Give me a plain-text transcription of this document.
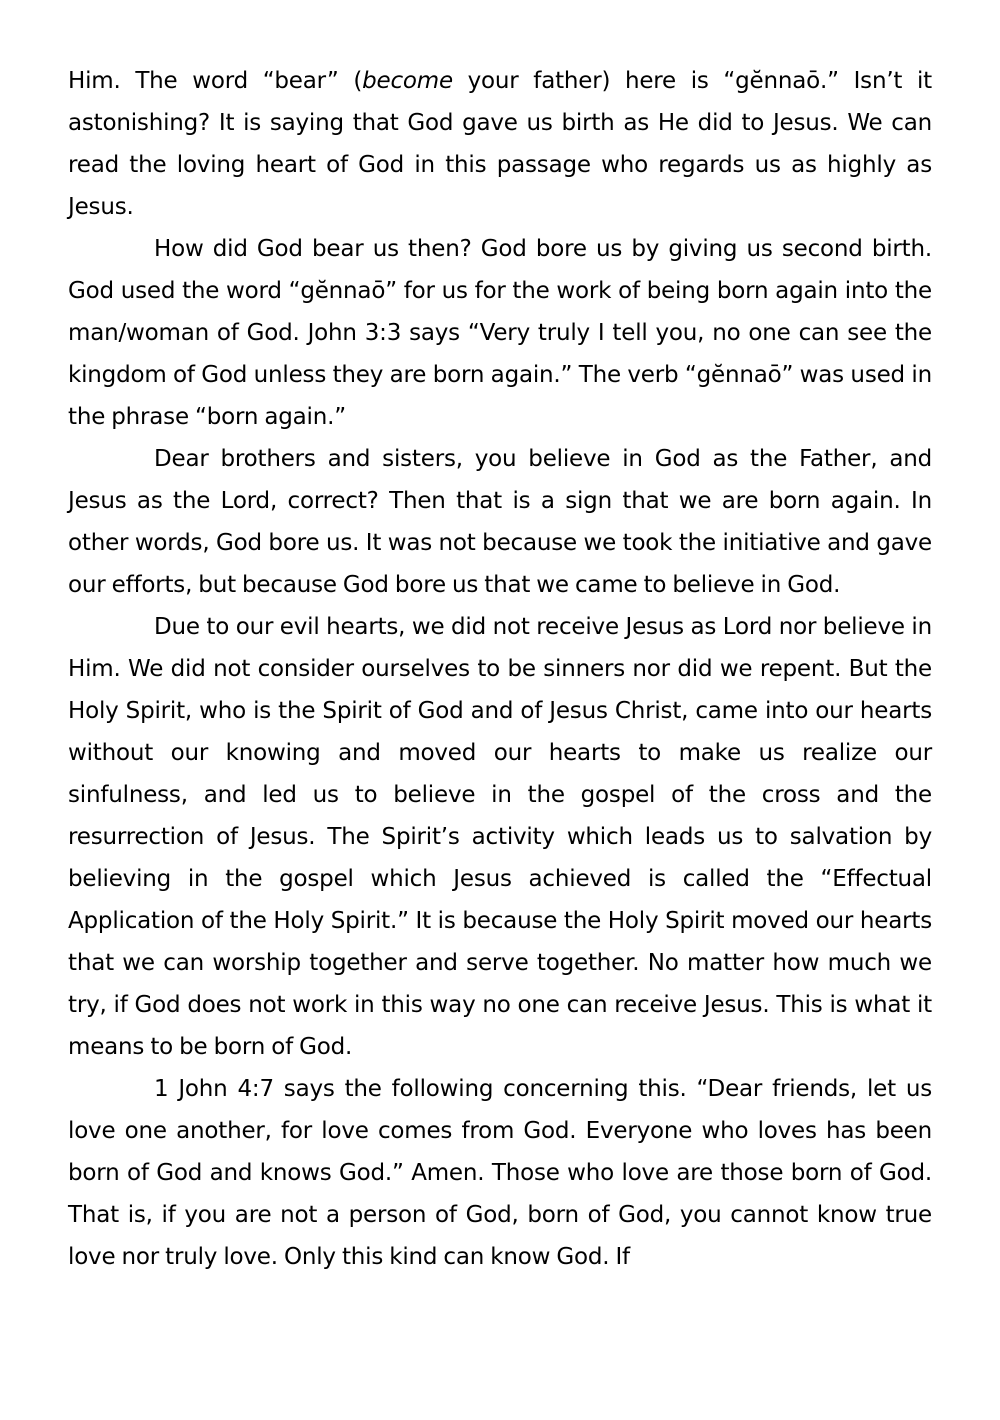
Him. The word “bear” (become your father) here is “gĕnnaō.” Isn’t it astonishing? It is saying that God gave us birth as He did to Jesus. We can read the loving heart of God in this passage who regards us as highly as Jesus.

How did God bear us then? God bore us by giving us second birth. God used the word “gĕnnaō” for us for the work of being born again into the man/woman of God. John 3:3 says “Very truly I tell you, no one can see the kingdom of God unless they are born again.” The verb “gĕnnaō” was used in the phrase “born again.”

Dear brothers and sisters, you believe in God as the Father, and Jesus as the Lord, correct? Then that is a sign that we are born again. In other words, God bore us. It was not because we took the initiative and gave our efforts, but because God bore us that we came to believe in God.

Due to our evil hearts, we did not receive Jesus as Lord nor believe in Him. We did not consider ourselves to be sinners nor did we repent. But the Holy Spirit, who is the Spirit of God and of Jesus Christ, came into our hearts without our knowing and moved our hearts to make us realize our sinfulness, and led us to believe in the gospel of the cross and the resurrection of Jesus. The Spirit’s activity which leads us to salvation by believing in the gospel which Jesus achieved is called the “Effectual Application of the Holy Spirit.” It is because the Holy Spirit moved our hearts that we can worship together and serve together. No matter how much we try, if God does not work in this way no one can receive Jesus. This is what it means to be born of God.

1 John 4:7 says the following concerning this. “Dear friends, let us love one another, for love comes from God. Everyone who loves has been born of God and knows God.” Amen. Those who love are those born of God. That is, if you are not a person of God, born of God, you cannot know true love nor truly love. Only this kind can know God. If
